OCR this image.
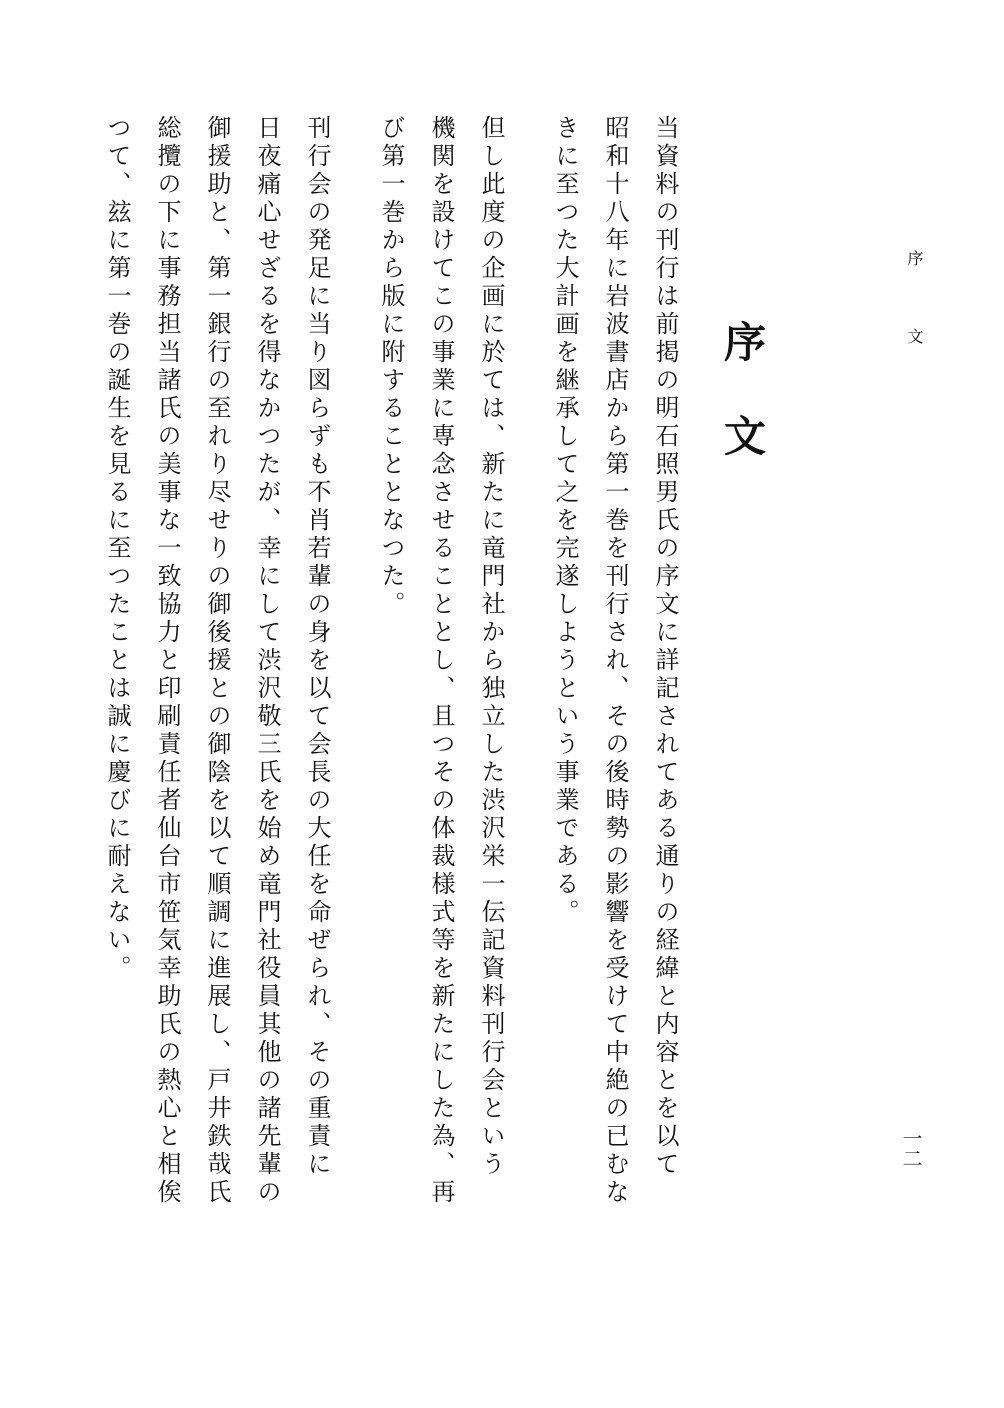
序文
一二
序文

当資料の刊行は前掲の明石照男氏の序文に詳記されてある通りの経緯と内容とを以て
昭和十八年に岩波書店から第一巻を刊行され、その後時勢の影響を受けて中絶の已むな
きに至つた大計画を継承して之を完遂しようという事業である。

但し此度の企画に於ては、新たに竜門社から独立した渋沢栄一伝記資料刊行会という
機関を設けてこの事業に専念させることとし、且つその体裁様式等を新たにした為、再
び第一巻から版に附することとなつた。

刊行会の発足に当り図らずも不肖若輩の身を以て会長の大任を命ぜられ、その重責に
日夜痛心せざるを得なかつたが、幸にして渋沢敬三氏を始め竜門社役員其他の諸先輩の
御援助と、第一銀行の至れり尽せりの御後援との御陰を以て順調に進展し、戸井鉄哉氏
総攬の下に事務担当諸氏の美事な一致協力と印刷責任者仙台市笹気幸助氏の熱心と相俟
つて、玆に第一巻の誕生を見るに至つたことは誠に慶びに耐えない。
